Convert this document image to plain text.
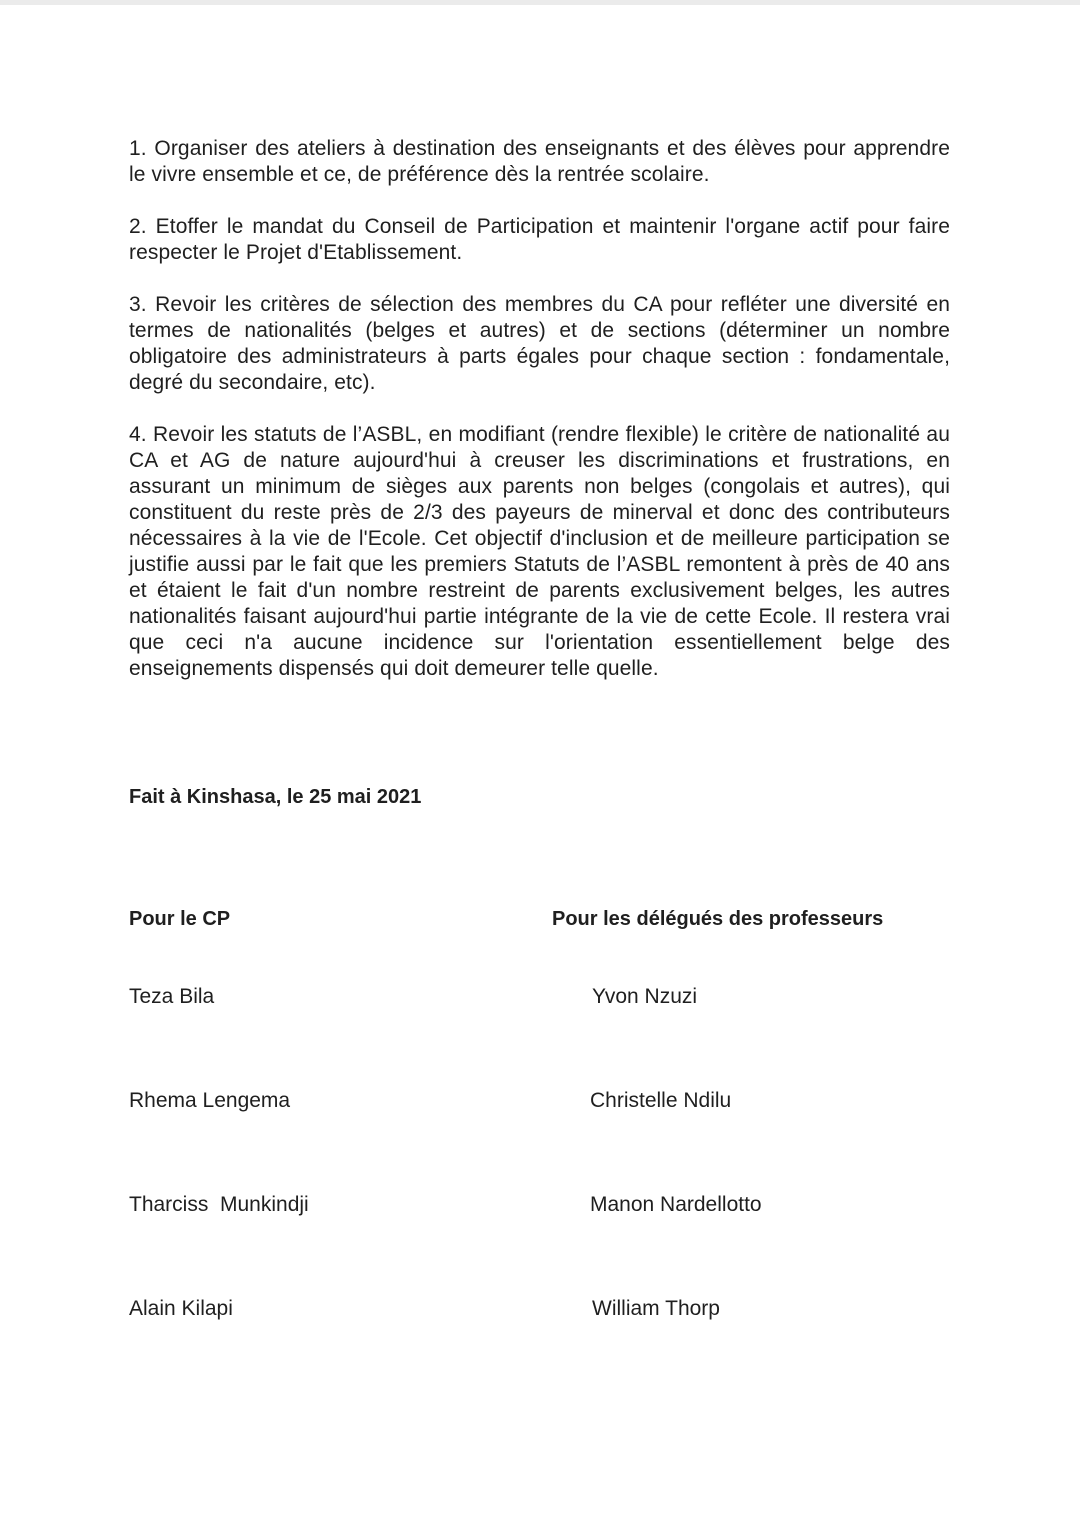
1. Organiser des ateliers à destination des enseignants et des élèves pour apprendre le vivre ensemble et ce, de préférence dès la rentrée scolaire.

2. Etoffer le mandat du Conseil de Participation et maintenir l'organe actif pour faire respecter le Projet d'Etablissement.

3. Revoir les critères de sélection des membres du CA pour refléter une diversité en termes de nationalités (belges et autres) et de sections (déterminer un nombre obligatoire des administrateurs à parts égales pour chaque section : fondamentale, degré du secondaire, etc).

4. Revoir les statuts de l’ASBL, en modifiant (rendre flexible) le critère de nationalité au CA et AG de nature aujourd'hui à creuser les discriminations et frustrations, en assurant un minimum de sièges aux parents non belges (congolais et autres), qui constituent du reste près de 2/3 des payeurs de minerval et donc des contributeurs nécessaires à la vie de l'Ecole. Cet objectif d'inclusion et de meilleure participation se justifie aussi par le fait que les premiers Statuts de l’ASBL remontent à près de 40 ans et étaient le fait d'un nombre restreint de parents exclusivement belges, les autres nationalités faisant aujourd'hui partie intégrante de la vie de cette Ecole. Il restera vrai que ceci n'a aucune incidence sur l'orientation essentiellement belge des enseignements dispensés qui doit demeurer telle quelle.

Fait à Kinshasa, le 25 mai 2021
Pour le CP	Pour les délégués des professeurs
Teza Bila
Rhema Lengema
Tharciss  Munkindji
Alain Kilapi
Yvon Nzuzi
Christelle Ndilu
Manon Nardellotto
William Thorp
